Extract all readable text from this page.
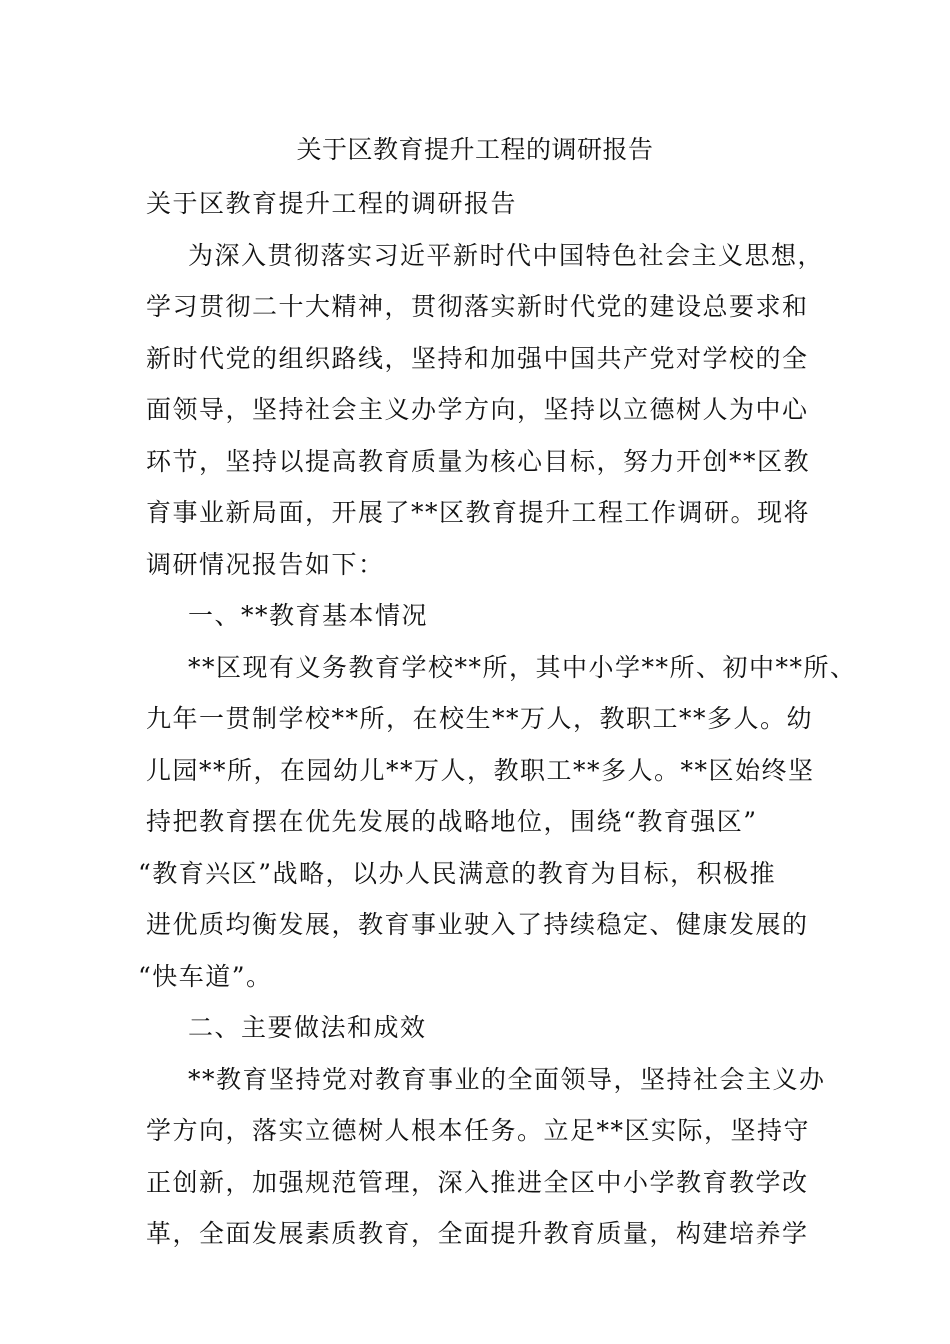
关于区教育提升工程的调研报告
关于区教育提升工程的调研报告
为深入贯彻落实习近平新时代中国特色社会主义思想，
学习贯彻二十大精神，贯彻落实新时代党的建设总要求和
新时代党的组织路线，坚持和加强中国共产党对学校的全
面领导，坚持社会主义办学方向，坚持以立德树人为中心
环节，坚持以提高教育质量为核心目标，努力开创**区教
育事业新局面，开展了**区教育提升工程工作调研。现将
调研情况报告如下：
一、**教育基本情况
**区现有义务教育学校**所，其中小学**所、初中**所、
九年一贯制学校**所，在校生**万人，教职工**多人。幼
儿园**所，在园幼儿**万人，教职工**多人。**区始终坚
持把教育摆在优先发展的战略地位，围绕“教育强区”
“教育兴区”战略，以办人民满意的教育为目标，积极推
进优质均衡发展，教育事业驶入了持续稳定、健康发展的
“快车道”。
二、主要做法和成效
**教育坚持党对教育事业的全面领导，坚持社会主义办
学方向，落实立德树人根本任务。立足**区实际，坚持守
正创新，加强规范管理，深入推进全区中小学教育教学改
革，全面发展素质教育，全面提升教育质量，构建培养学
